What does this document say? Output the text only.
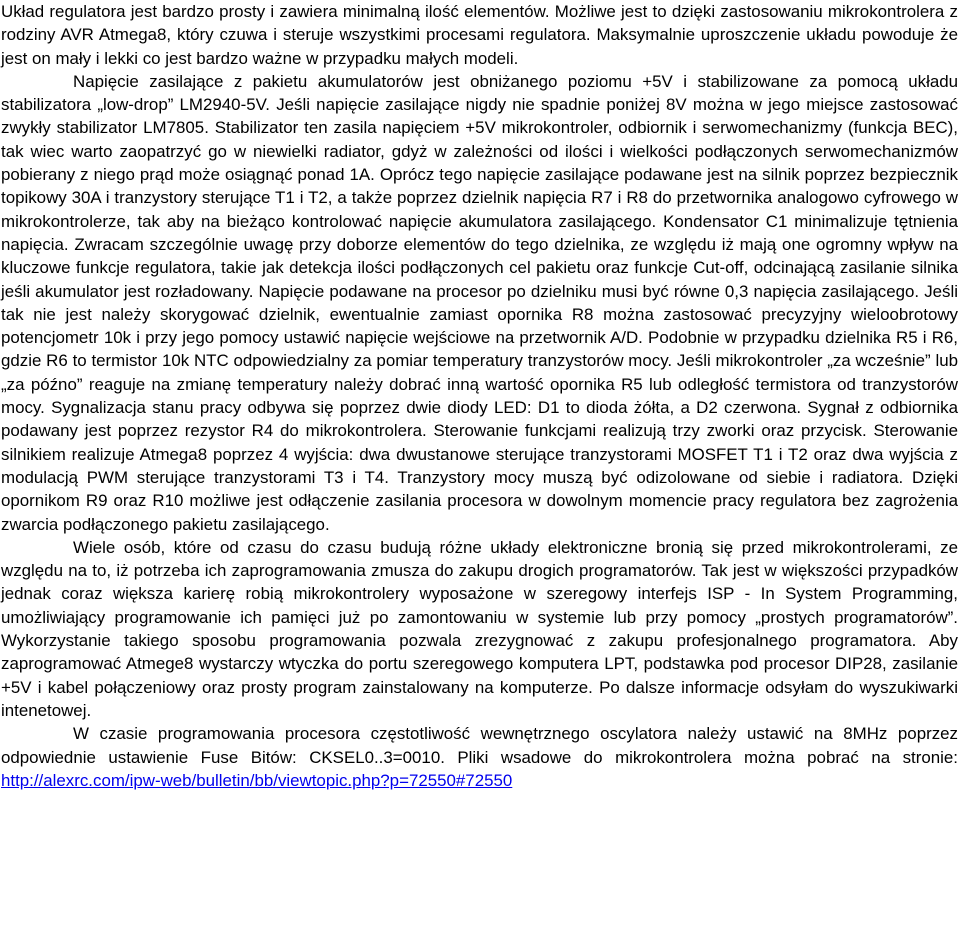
Układ regulatora jest bardzo prosty i zawiera minimalną ilość elementów. Możliwe jest to dzięki zastosowaniu mikrokontrolera z rodziny AVR Atmega8, który czuwa i steruje wszystkimi procesami regulatora. Maksymalnie uproszczenie układu powoduje że jest on mały i lekki co jest bardzo ważne w przypadku małych modeli.

Napięcie zasilające z pakietu akumulatorów jest obniżanego poziomu +5V i stabilizowane za pomocą układu stabilizatora „low-drop” LM2940-5V. Jeśli napięcie zasilające nigdy nie spadnie poniżej 8V można w jego miejsce zastosować zwykły stabilizator LM7805. Stabilizator ten zasila napięciem +5V mikrokontroler, odbiornik i serwomechanizmy (funkcja BEC), tak wiec warto zaopatrzyć go w niewielki radiator, gdyż w zależności od ilości i wielkości podłączonych serwomechanizmów pobierany z niego prąd może osiągnąć ponad 1A. Oprócz tego napięcie zasilające podawane jest na silnik poprzez bezpiecznik topikowy 30A i tranzystory sterujące T1 i T2, a także poprzez dzielnik napięcia R7 i R8 do przetwornika analogowo cyfrowego w mikrokontrolerze, tak aby na bieżąco kontrolować napięcie akumulatora zasilającego. Kondensator C1 minimalizuje tętnienia napięcia. Zwracam szczególnie uwagę przy doborze elementów do tego dzielnika, ze względu iż mają one ogromny wpływ na kluczowe funkcje regulatora, takie jak detekcja ilości podłączonych cel pakietu oraz funkcje Cut-off, odcinającą zasilanie silnika jeśli akumulator jest rozładowany. Napięcie podawane na procesor po dzielniku musi być równe 0,3 napięcia zasilającego. Jeśli tak nie jest należy skorygować dzielnik, ewentualnie zamiast opornika R8 można zastosować precyzyjny wieloobrotowy potencjometr 10k i przy jego pomocy ustawić napięcie wejściowe na przetwornik A/D. Podobnie w przypadku dzielnika R5 i R6, gdzie R6 to termistor 10k NTC odpowiedzialny za pomiar temperatury tranzystorów mocy. Jeśli mikrokontroler „za wcześnie” lub „za późno” reaguje na zmianę temperatury należy dobrać inną wartość opornika R5 lub odległość termistora od tranzystorów mocy. Sygnalizacja stanu pracy odbywa się poprzez dwie diody LED: D1 to dioda żółta, a D2 czerwona. Sygnał z odbiornika podawany jest poprzez rezystor R4 do mikrokontrolera. Sterowanie funkcjami realizują trzy zworki oraz przycisk. Sterowanie silnikiem realizuje Atmega8 poprzez 4 wyjścia: dwa dwustanowe sterujące tranzystorami MOSFET T1 i T2 oraz dwa wyjścia z modulacją PWM sterujące tranzystorami T3 i T4. Tranzystory mocy muszą być odizolowane od siebie i radiatora. Dzięki opornikom R9 oraz R10 możliwe jest odłączenie zasilania procesora w dowolnym momencie pracy regulatora bez zagrożenia zwarcia podłączonego pakietu zasilającego.

Wiele osób, które od czasu do czasu budują różne układy elektroniczne bronią się przed mikrokontrolerami, ze względu na to, iż potrzeba ich zaprogramowania zmusza do zakupu drogich programatorów. Tak jest w większości przypadków jednak coraz większa karierę robią mikrokontrolery wyposażone w szeregowy interfejs ISP - In System Programming, umożliwiający programowanie ich pamięci już po zamontowaniu w systemie lub przy pomocy „prostych programatorów”. Wykorzystanie takiego sposobu programowania pozwala zrezygnować z zakupu profesjonalnego programatora. Aby zaprogramować Atmege8 wystarczy wtyczka do portu szeregowego komputera LPT, podstawka pod procesor DIP28, zasilanie +5V i kabel połączeniowy oraz prosty program zainstalowany na komputerze. Po dalsze informacje odsyłam do wyszukiwarki intenetowej.

W czasie programowania procesora częstotliwość wewnętrznego oscylatora należy ustawić na 8MHz poprzez odpowiednie ustawienie Fuse Bitów: CKSEL0..3=0010. Pliki wsadowe do mikrokontrolera można pobrać na stronie: http://alexrc.com/ipw-web/bulletin/bb/viewtopic.php?p=72550#72550
